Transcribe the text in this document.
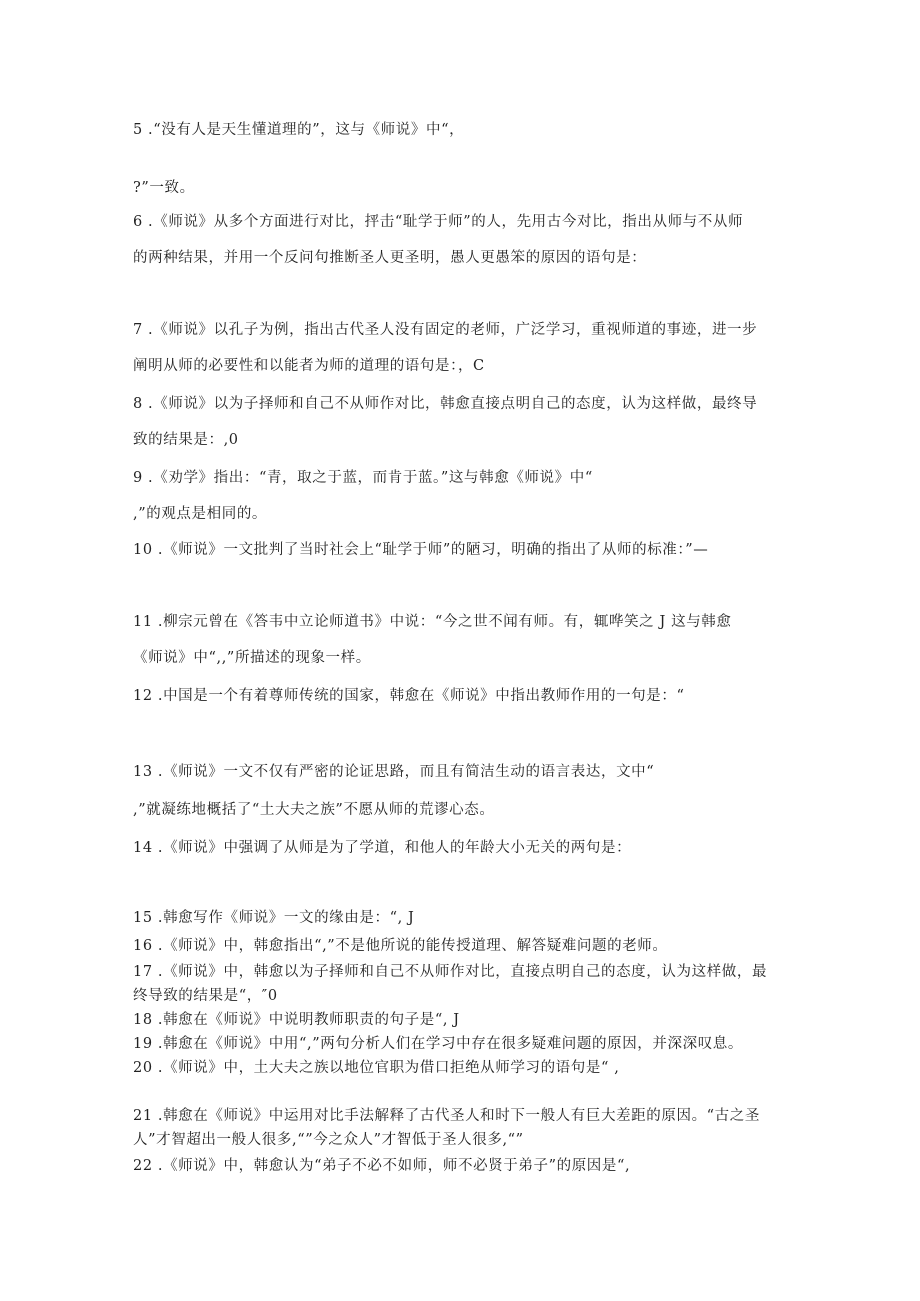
5 .“没有人是天生懂道理的”，这与《师说》中“，
?”一致。
6 .《师说》从多个方面进行对比，抨击“耻学于师”的人，先用古今对比，指出从师与不从师
的两种结果，并用一个反问句推断圣人更圣明，愚人更愚笨的原因的语句是：
7 .《师说》以孔子为例，指出古代圣人没有固定的老师，广泛学习，重视师道的事迹，进一步
阐明从师的必要性和以能者为师的道理的语句是：，C
8 .《师说》以为子择师和自己不从师作对比，韩愈直接点明自己的态度，认为这样做，最终导
致的结果是：,0
9 .《劝学》指出：“青，取之于蓝，而肯于蓝。”这与韩愈《师说》中“
,”的观点是相同的。
10 .《师说》一文批判了当时社会上“耻学于师”的陋习，明确的指出了从师的标准：”—
11 .柳宗元曾在《答韦中立论师道书》中说：“今之世不闻有师。有，辄哗笑之 J 这与韩愈
《师说》中“,,”所描述的现象一样。
12 .中国是一个有着尊师传统的国家，韩愈在《师说》中指出教师作用的一句是：“
13 .《师说》一文不仅有严密的论证思路，而且有简洁生动的语言表达，文中“
,”就凝练地概括了“土大夫之族”不愿从师的荒谬心态。
14 .《师说》中强调了从师是为了学道，和他人的年龄大小无关的两句是：
15 .韩愈写作《师说》一文的缘由是：“, J
16 .《师说》中，韩愈指出“,”不是他所说的能传授道理、解答疑难问题的老师。
17 .《师说》中，韩愈以为子择师和自己不从师作对比，直接点明自己的态度，认为这样做，最
终导致的结果是“，″0
18 .韩愈在《师说》中说明教师职责的句子是“, J
19 .韩愈在《师说》中用“,”两句分析人们在学习中存在很多疑难问题的原因，并深深叹息。
20 .《师说》中，土大夫之族以地位官职为借口拒绝从师学习的语句是“ ,
21 .韩愈在《师说》中运用对比手法解释了古代圣人和时下一般人有巨大差距的原因。“古之圣
人”才智超出一般人很多,“”今之众人”才智低于圣人很多,“”
22 .《师说》中，韩愈认为“弟子不必不如师，师不必贤于弟子”的原因是“,
